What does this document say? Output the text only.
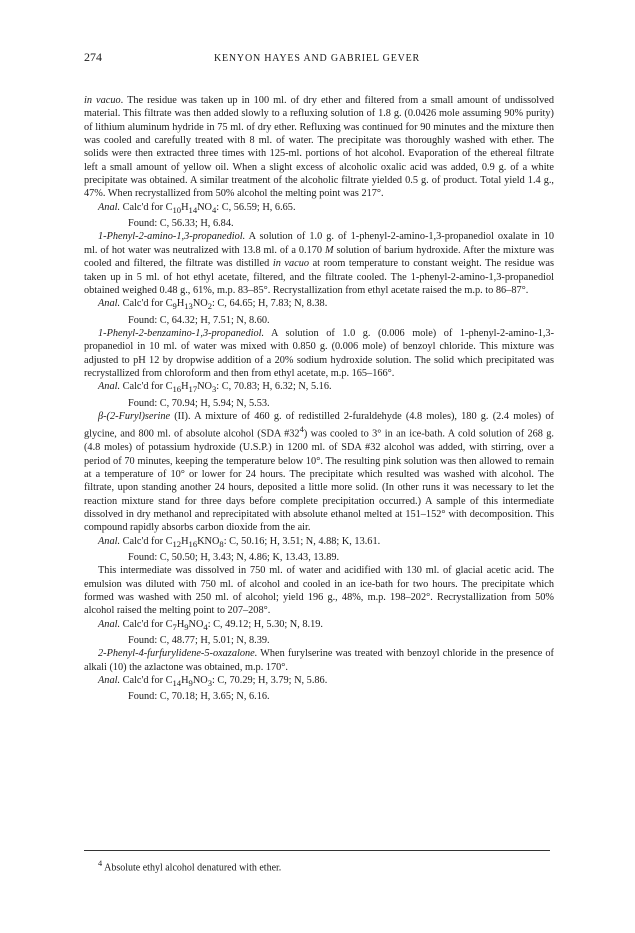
274	KENYON HAYES AND GABRIEL GEVER

in vacuo. The residue was taken up in 100 ml. of dry ether and filtered from a small amount of undissolved material. This filtrate was then added slowly to a refluxing solution of 1.8 g. (0.0426 mole assuming 90% purity) of lithium aluminum hydride in 75 ml. of dry ether. Refluxing was continued for 90 minutes and the mixture then was cooled and carefully treated with 8 ml. of water. The precipitate was thoroughly washed with ether. The solids were then extracted three times with 125-ml. portions of hot alcohol. Evaporation of the ethereal filtrate left a small amount of yellow oil. When a slight excess of alcoholic oxalic acid was added, 0.9 g. of a white precipitate was obtained. A similar treatment of the alcoholic filtrate yielded 0.5 g. of product. Total yield 1.4 g., 47%. When recrystallized from 50% alcohol the melting point was 217°.

Anal. Calc'd for $C_{10}H_{14}NO_4$: C, 56.59; H, 6.65.

Found: C, 56.33; H, 6.84.

1-Phenyl-2-amino-1,3-propanediol. A solution of 1.0 g. of 1-phenyl-2-amino-1,3-propanediol oxalate in 10 ml. of hot water was neutralized with 13.8 ml. of a 0.170 M solution of barium hydroxide. After the mixture was cooled and filtered, the filtrate was distilled in vacuo at room temperature to constant weight. The residue was taken up in 5 ml. of hot ethyl acetate, filtered, and the filtrate cooled. The 1-phenyl-2-amino-1,3-propanediol obtained weighed 0.48 g., 61%, m.p. 83–85°. Recrystallization from ethyl acetate raised the m.p. to 86–87°.

Anal. Calc'd for $C_9H_{13}NO_2$: C, 64.65; H, 7.83; N, 8.38.

Found: C, 64.32; H, 7.51; N, 8.60.

1-Phenyl-2-benzamino-1,3-propanediol. A solution of 1.0 g. (0.006 mole) of 1-phenyl-2-amino-1,3-propanediol in 10 ml. of water was mixed with 0.850 g. (0.006 mole) of benzoyl chloride. This mixture was adjusted to pH 12 by dropwise addition of a 20% sodium hydroxide solution. The solid which precipitated was recrystallized from chloroform and then from ethyl acetate, m.p. 165–166°.

Anal. Calc'd for $C_{16}H_{17}NO_3$: C, 70.83; H, 6.32; N, 5.16.

Found: C, 70.94; H, 5.94; N, 5.53.

β-(2-Furyl)serine (II). A mixture of 460 g. of redistilled 2-furaldehyde (4.8 moles), 180 g. (2.4 moles) of glycine, and 800 ml. of absolute alcohol (SDA $\#32^4$) was cooled to 3° in an ice-bath. A cold solution of 268 g. (4.8 moles) of potassium hydroxide (U.S.P.) in 1200 ml. of SDA #32 alcohol was added, with stirring, over a period of 70 minutes, keeping the temperature below 10°. The resulting pink solution was then allowed to remain at a temperature of 10° or lower for 24 hours. The precipitate which resulted was washed with alcohol. The filtrate, upon standing another 24 hours, deposited a little more solid. (In other runs it was necessary to let the reaction mixture stand for three days before complete precipitation occurred.) A sample of this intermediate dissolved in dry methanol and reprecipitated with absolute ethanol melted at 151–152° with decomposition. This compound rapidly absorbs carbon dioxide from the air.

Anal. Calc'd for $C_{12}H_{16}KNO_8$: C, 50.16; H, 3.51; N, 4.88; K, 13.61.

Found: C, 50.50; H, 3.43; N, 4.86; K, 13.43, 13.89.

This intermediate was dissolved in 750 ml. of water and acidified with 130 ml. of glacial acetic acid. The emulsion was diluted with 750 ml. of alcohol and cooled in an ice-bath for two hours. The precipitate which formed was washed with 250 ml. of alcohol; yield 196 g., 48%, m.p. 198–202°. Recrystallization from 50% alcohol raised the melting point to 207–208°.

Anal. Calc'd for $C_7H_9NO_4$: C, 49.12; H, 5.30; N, 8.19.

Found: C, 48.77; H, 5.01; N, 8.39.

2-Phenyl-4-furfurylidene-5-oxazalone. When furylserine was treated with benzoyl chloride in the presence of alkali (10) the azlactone was obtained, m.p. 170°.

Anal. Calc'd for $C_{14}H_9NO_3$: C, 70.29; H, 3.79; N, 5.86.

Found: C, 70.18; H, 3.65; N, 6.16.

$^4$ Absolute ethyl alcohol denatured with ether.
